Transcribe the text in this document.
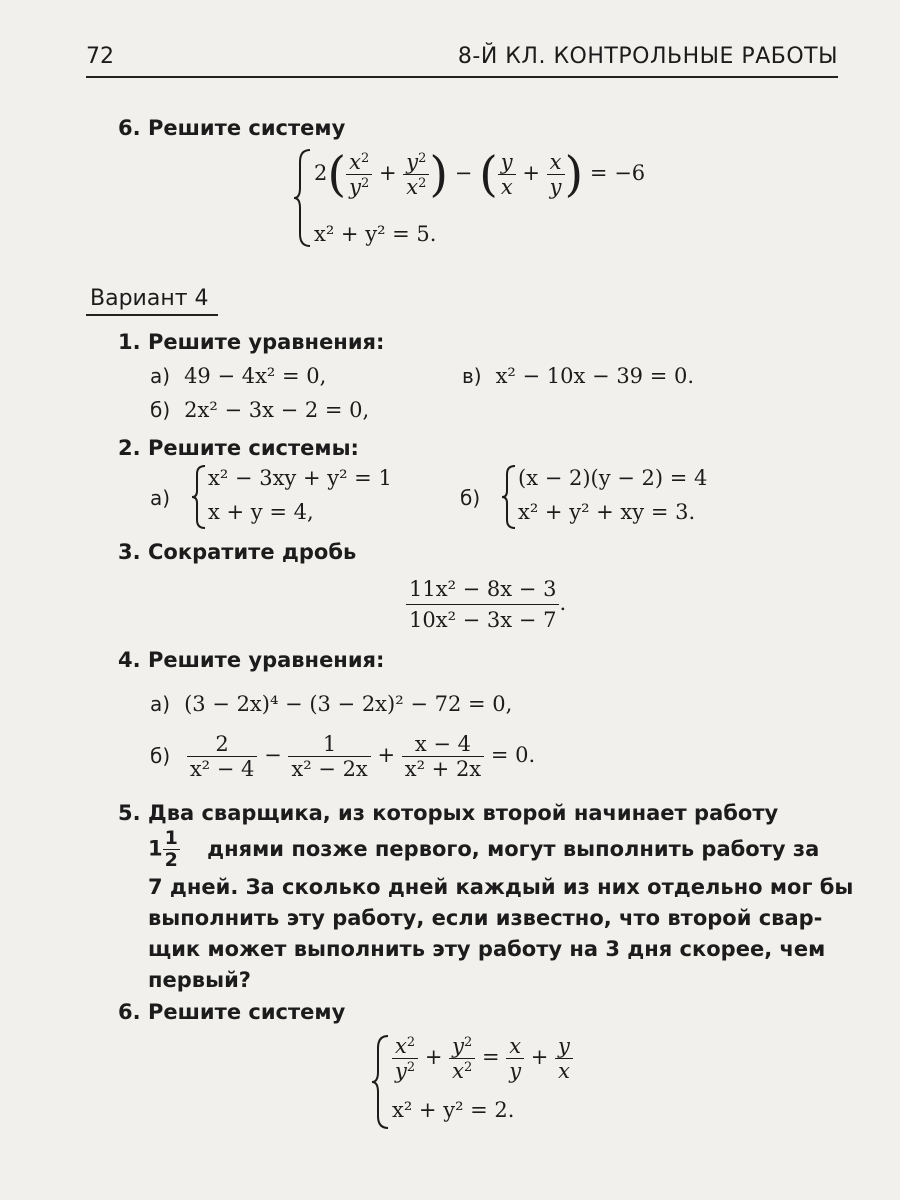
72	8-Й КЛ. КОНТРОЛЬНЫЕ РАБОТЫ
6. Решите систему
$2( \frac{x^2}{y^2} + \frac{y^2}{x^2}$ ) − ( $\frac{y}{x} + \frac{x}{y}$ ) = −6
x² + y² = 5.
Вариант 4
1. Решите уравнения:
а) 49 − 4x² = 0,	в) x² − 10x − 39 = 0.
б) 2x² − 3x − 2 = 0,
2. Решите системы:
а)
x² − 3xy + y² = 1
x + y = 4,
б)
(x − 2)(y − 2) = 4
x² + y² + xy = 3.
3. Сократите дробь
$\frac{\text{11x² − 8x − 3}}{\text{10x² − 3x − 7}}$ .
4. Решите уравнения:
а) (3 − 2x)⁴ − (3 − 2x)² − 72 = 0,
$б) \frac{2}{\text{x² − 4}} - \frac{1}{\text{x² − 2x}} + \frac{x - 4}{\text{x² + 2x}} = 0$.
5. Два сварщика, из которых второй начинает работу
$1 \frac{1}{2}$ днями позже первого, могут выполнить работу за
7 дней. За сколько дней каждый из них отдельно мог бы
выполнить эту работу, если известно, что второй свар-
щик может выполнить эту работу на 3 дня скорее, чем
первый?
6. Решите систему
$\frac{x^2}{y^2} + \frac{y^2}{x^2} = \frac{x}{y} + \frac{y}{x}$
x² + y² = 2.
